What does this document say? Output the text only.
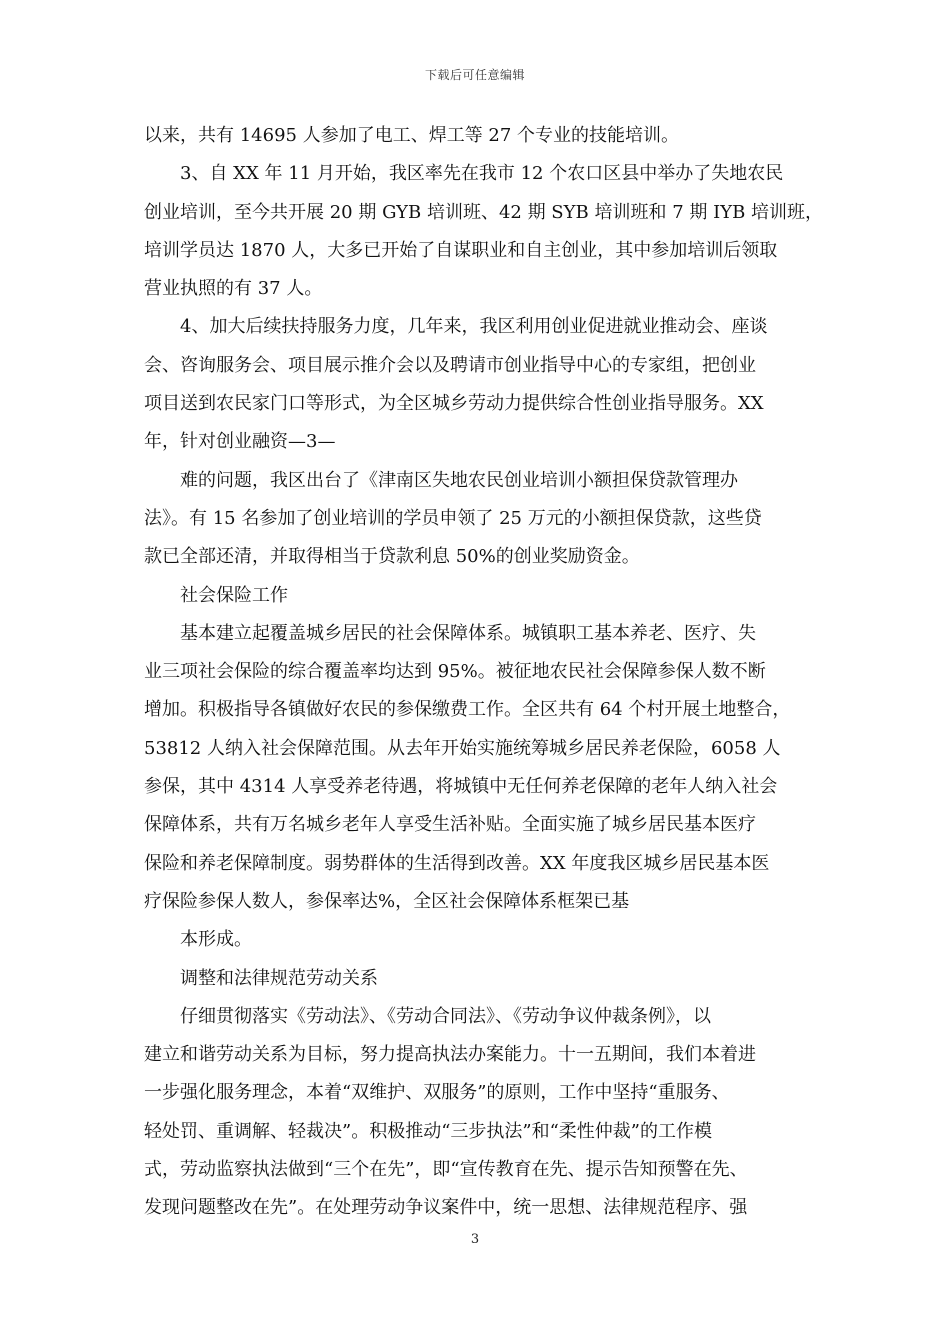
下载后可任意编辑
以来，共有 14695 人参加了电工、焊工等 27 个专业的技能培训。
3、自 XX 年 11 月开始，我区率先在我市 12 个农口区县中举办了失地农民
创业培训，至今共开展 20 期 GYB 培训班、42 期 SYB 培训班和 7 期 IYB 培训班，
培训学员达 1870 人，大多已开始了自谋职业和自主创业，其中参加培训后领取
营业执照的有 37 人。
4、加大后续扶持服务力度，几年来，我区利用创业促进就业推动会、座谈
会、咨询服务会、项目展示推介会以及聘请市创业指导中心的专家组，把创业
项目送到农民家门口等形式，为全区城乡劳动力提供综合性创业指导服务。XX
年，针对创业融资—3—
难的问题，我区出台了《津南区失地农民创业培训小额担保贷款管理办
法》。有 15 名参加了创业培训的学员申领了 25 万元的小额担保贷款，这些贷
款已全部还清，并取得相当于贷款利息 50%的创业奖励资金。
社会保险工作
基本建立起覆盖城乡居民的社会保障体系。城镇职工基本养老、医疗、失
业三项社会保险的综合覆盖率均达到 95%。被征地农民社会保障参保人数不断
增加。积极指导各镇做好农民的参保缴费工作。全区共有 64 个村开展土地整合，
53812 人纳入社会保障范围。从去年开始实施统筹城乡居民养老保险，6058 人
参保，其中 4314 人享受养老待遇，将城镇中无任何养老保障的老年人纳入社会
保障体系，共有万名城乡老年人享受生活补贴。全面实施了城乡居民基本医疗
保险和养老保障制度。弱势群体的生活得到改善。XX 年度我区城乡居民基本医
疗保险参保人数人，参保率达%，全区社会保障体系框架已基
本形成。
调整和法律规范劳动关系
仔细贯彻落实《劳动法》、《劳动合同法》、《劳动争议仲裁条例》，以
建立和谐劳动关系为目标，努力提高执法办案能力。十一五期间，我们本着进
一步强化服务理念，本着“双维护、双服务”的原则，工作中坚持“重服务、
轻处罚、重调解、轻裁决”。积极推动“三步执法”和“柔性仲裁”的工作模
式，劳动监察执法做到“三个在先”，即“宣传教育在先、提示告知预警在先、
发现问题整改在先”。在处理劳动争议案件中，统一思想、法律规范程序、强
3
